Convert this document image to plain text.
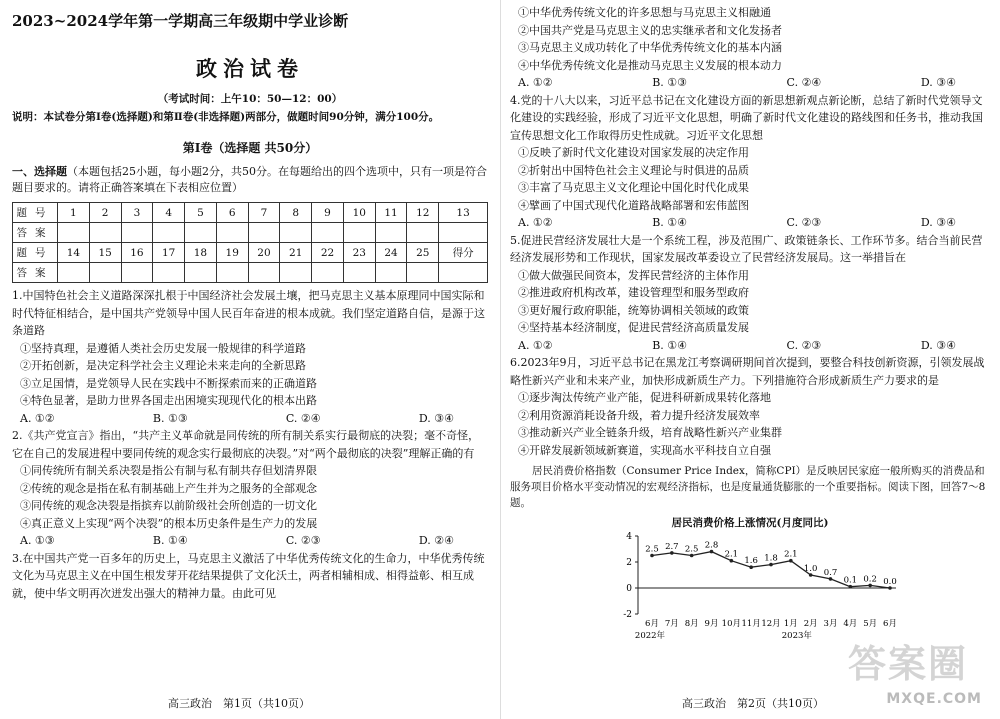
2023~2024学年第一学期高三年级期中学业诊断
政治试卷
（考试时间：上午10：50—12：00）
说明：本试卷分第Ⅰ卷(选择题)和第Ⅱ卷(非选择题)两部分，做题时间90分钟，满分100分。
第Ⅰ卷（选择题 共50分）
一、选择题（本题包括25小题，每小题2分，共50分。在每题给出的四个选项中，只有一项是符合题目要求的。请将正确答案填在下表相应位置）
题号	1	2	3	4	5	6	7	8	9	10	11	12	13
答案													
题号	14	15	16	17	18	19	20	21	22	23	24	25	得分
答案													
1.中国特色社会主义道路深深扎根于中国经济社会发展土壤，把马克思主义基本原理同中国实际和时代特征相结合，是中国共产党领导中国人民百年奋进的根本成就。我们坚定道路自信，是源于这条道路
①坚持真理，是遵循人类社会历史发展一般规律的科学道路
②开拓创新，是决定科学社会主义理论未来走向的全新思路
③立足国情，是党领导人民在实践中不断探索而来的正确道路
④特色显著，是助力世界各国走出困境实现现代化的根本出路
A. ①②	B. ①③	C. ②④	D. ③④
2.《共产党宣言》指出，“共产主义革命就是同传统的所有制关系实行最彻底的决裂；毫不奇怪，它在自己的发展进程中要同传统的观念实行最彻底的决裂。”对“两个最彻底的决裂”理解正确的有
①同传统所有制关系决裂是指公有制与私有制共存但划清界限
②传统的观念是指在私有制基础上产生并为之服务的全部观念
③同传统的观念决裂是指摈弃以前阶级社会所创造的一切文化
④真正意义上实现“两个决裂”的根本历史条件是生产力的发展
A. ①③	B. ①④	C. ②③	D. ②④
3.在中国共产党一百多年的历史上，马克思主义激活了中华优秀传统文化的生命力，中华优秀传统文化为马克思主义在中国生根发芽开花结果提供了文化沃土，两者相辅相成、相得益彰、相互成就，使中华文明再次迸发出强大的精神力量。由此可见
高三政治　第1页（共10页）
①中华优秀传统文化的许多思想与马克思主义相融通
②中国共产党是马克思主义的忠实继承者和文化发扬者
③马克思主义成功转化了中华优秀传统文化的基本内涵
④中华优秀传统文化是推动马克思主义发展的根本动力
A. ①②	B. ①③	C. ②④	D. ③④
4.党的十八大以来，习近平总书记在文化建设方面的新思想新观点新论断，总结了新时代党领导文化建设的实践经验，形成了习近平文化思想，明确了新时代文化建设的路线图和任务书，推动我国宣传思想文化工作取得历史性成就。习近平文化思想
①反映了新时代文化建设对国家发展的决定作用
②折射出中国特色社会主义理论与时俱进的品质
③丰富了马克思主义文化理论中国化时代化成果
④擘画了中国式现代化道路战略部署和宏伟蓝图
A. ①②	B. ①④	C. ②③	D. ③④
5.促进民营经济发展壮大是一个系统工程，涉及范围广、政策链条长、工作环节多。结合当前民营经济发展形势和工作现状，国家发展改革委设立了民营经济发展局。这一举措旨在
①做大做强民间资本，发挥民营经济的主体作用
②推进政府机构改革，建设管理型和服务型政府
③更好履行政府职能，统筹协调相关领域的政策
④坚持基本经济制度，促进民营经济高质量发展
A. ①②	B. ①④	C. ②③	D. ③④
6.2023年9月，习近平总书记在黑龙江考察调研期间首次提到，要整合科技创新资源，引领发展战略性新兴产业和未来产业，加快形成新质生产力。下列措施符合形成新质生产力要求的是
①逐步淘汰传统产业产能，促进科研新成果转化落地
②利用资源消耗设备升级，着力提升经济发展效率
③推动新兴产业全链条升级，培育战略性新兴产业集群
④开辟发展新领域新赛道，实现高水平科技自立自强
居民消费价格指数（Consumer Price Index，简称CPI）是反映居民家庭一般所购买的消费品和服务项目价格水平变动情况的宏观经济指标，也是度量通货膨胀的一个重要指标。阅读下图，回答7～8题。
居民消费价格上涨情况(月度同比)
4
2
0
-2
2.5 2.7 2.5 2.8
2.1
1.6 1.8 2.1
1.0 0.7
0.1 0.2 0.0
6月 7月 8月 9月 10月 11月 12月 1月 2月 3月 4月 5月 6月
2022年	2023年
高三政治　第2页（共10页）
答案圈
MXQE.COM
